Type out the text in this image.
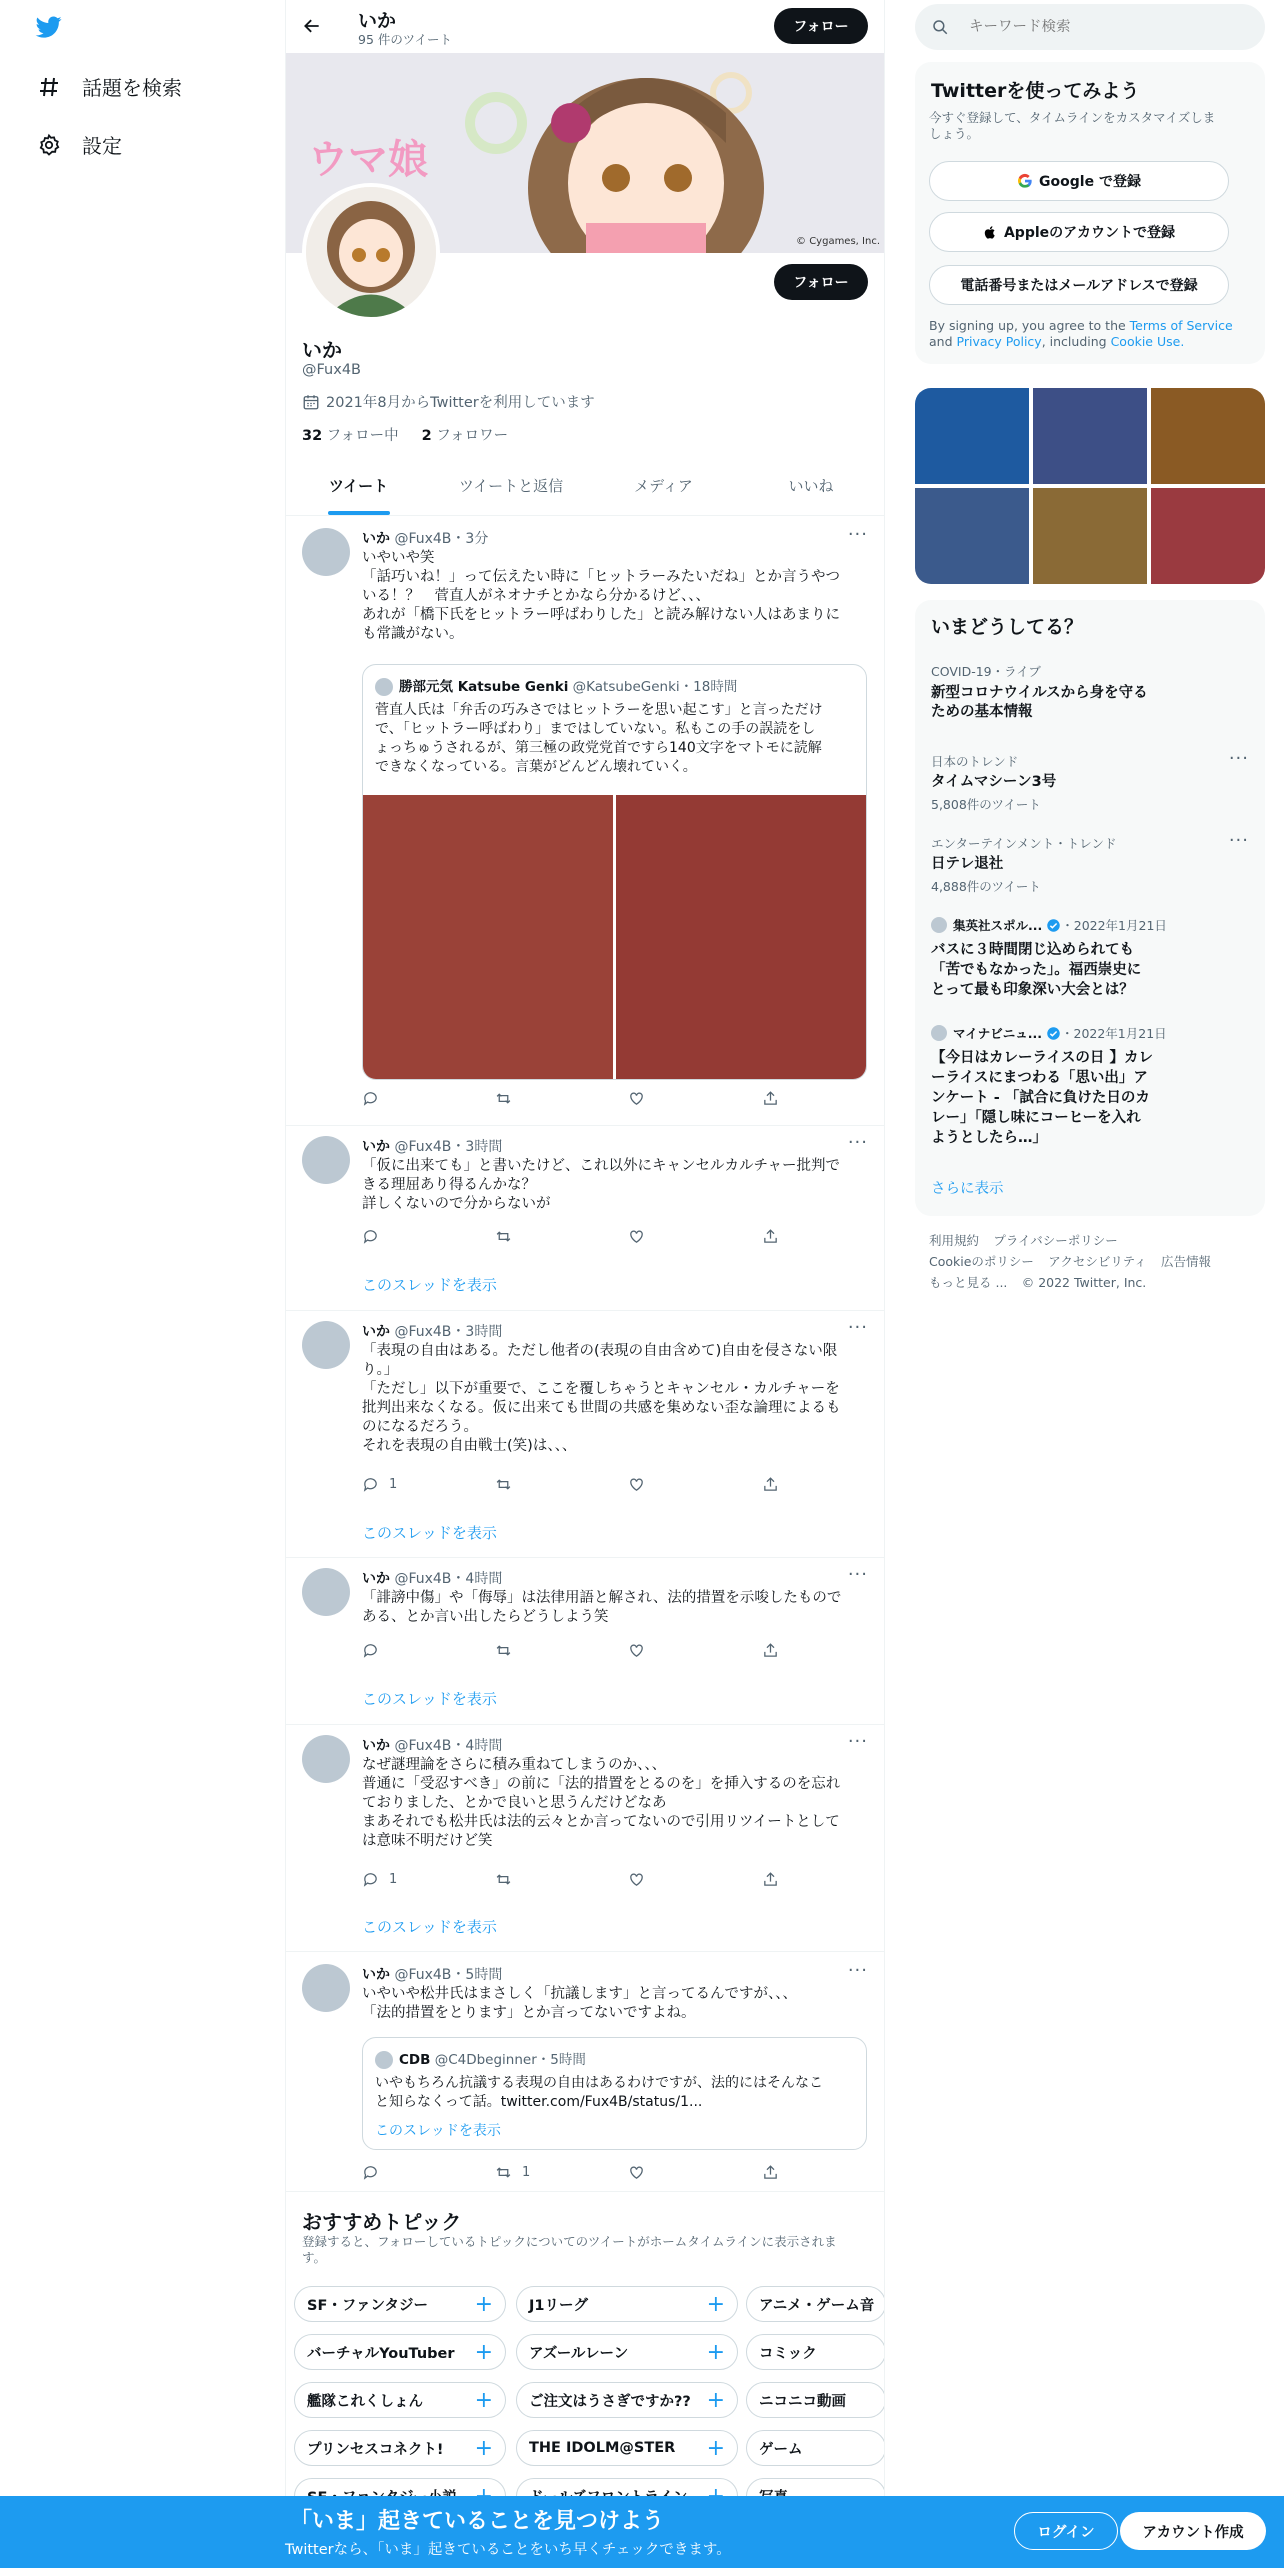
話題を検索
設定
いか
95 件のツイート
フォロー
ウマ娘
© Cygames, Inc.
フォロー
いか
@Fux4B
2021年8月からTwitterを利用しています
32 フォロー中 2 フォロワー
ツイート	ツイートと返信	メディア	いいね
いか @Fux4B・3分	···
いやいや笑
「話巧いね！」って伝えたい時に「ヒットラーみたいだね」とか言うやつ
いる！？　菅直人がネオナチとかなら分かるけど、、、
あれが「橋下氏をヒットラー呼ばわりした」と読み解けない人はあまりに
も常識がない。
勝部元気 Katsube Genki @KatsubeGenki・18時間
菅直人氏は「弁舌の巧みさではヒットラーを思い起こす」と言っただけ
で、「ヒットラー呼ばわり」まではしていない。私もこの手の誤読をし
ょっちゅうされるが、第三極の政党党首ですら140文字をマトモに読解
できなくなっている。言葉がどんどん壊れていく。
いか @Fux4B・3時間	···
「仮に出来ても」と書いたけど、これ以外にキャンセルカルチャー批判で
きる理屈あり得るんかな？
詳しくないので分からないが
このスレッドを表示
いか @Fux4B・3時間	···
「表現の自由はある。ただし他者の(表現の自由含めて)自由を侵さない限
り。」
「ただし」以下が重要で、ここを覆しちゃうとキャンセル・カルチャーを
批判出来なくなる。仮に出来ても世間の共感を集めない歪な論理によるも
のになるだろう。
それを表現の自由戦士(笑)は、、、
1
このスレッドを表示
いか @Fux4B・4時間	···
「誹謗中傷」や「侮辱」は法律用語と解され、法的措置を示唆したもので
ある、とか言い出したらどうしよう笑
このスレッドを表示
いか @Fux4B・4時間	···
なぜ謎理論をさらに積み重ねてしまうのか、、、
普通に「受忍すべき」の前に「法的措置をとるのを」を挿入するのを忘れ
ておりました、とかで良いと思うんだけどなあ
まあそれでも松井氏は法的云々とか言ってないので引用リツイートとして
は意味不明だけど笑
1
このスレッドを表示
いか @Fux4B・5時間	···
いやいや松井氏はまさしく「抗議します」と言ってるんですが、、、
「法的措置をとります」とか言ってないですよね。
CDB @C4Dbeginner・5時間
いやもちろん抗議する表現の自由はあるわけですが、法的にはそんなこ
と知らなくって話。twitter.com/Fux4B/status/1...
このスレッドを表示
1
おすすめトピック
登録すると、フォローしているトピックについてのツイートがホームタイムラインに表示されま
す。
SF・ファンタジー + J1リーグ	+ アニメ・ゲーム音
バーチャルYouTuber + アズールレーン	+ コミック
艦隊これくしょん + ご注文はうさぎですか?? + ニコニコ動画
プリンセスコネクト! + THE IDOLM@STER + ゲーム
キーワード検索
Twitterを使ってみよう
今すぐ登録して、タイムラインをカスタマイズしま
しょう。
Google で登録
Appleのアカウントで登録
電話番号またはメールアドレスで登録
By signing up, you agree to the Terms of Service and Privacy Policy, including Cookie Use.
いまどうしてる？
COVID-19・ライブ
新型コロナウイルスから身を守る
ための基本情報
日本のトレンド
タイムマシーン3号
5,808件のツイート
···
エンターテインメント・トレンド
日テレ退社
4,888件のツイート
···
集英社スポル... ・2022年1月21日
バスに３時間閉じ込められても
「苦でもなかった」。福西崇史に
とって最も印象深い大会とは？
マイナビニュ... ・2022年1月21日
【今日はカレーライスの日 】カレ
ーライスにまつわる「思い出」ア
ンケート - 「試合に負けた日のカ
レー」「隠し味にコーヒーを入れ
ようとしたら…」
さらに表示
利用規約 プライバシーポリシー
Cookieのポリシー アクセシビリティ 広告情報
もっと見る ... © 2022 Twitter, Inc.
「いま」起きていることを見つけよう
Twitterなら、「いま」起きていることをいち早くチェックできます。
ログイン	アカウント作成
